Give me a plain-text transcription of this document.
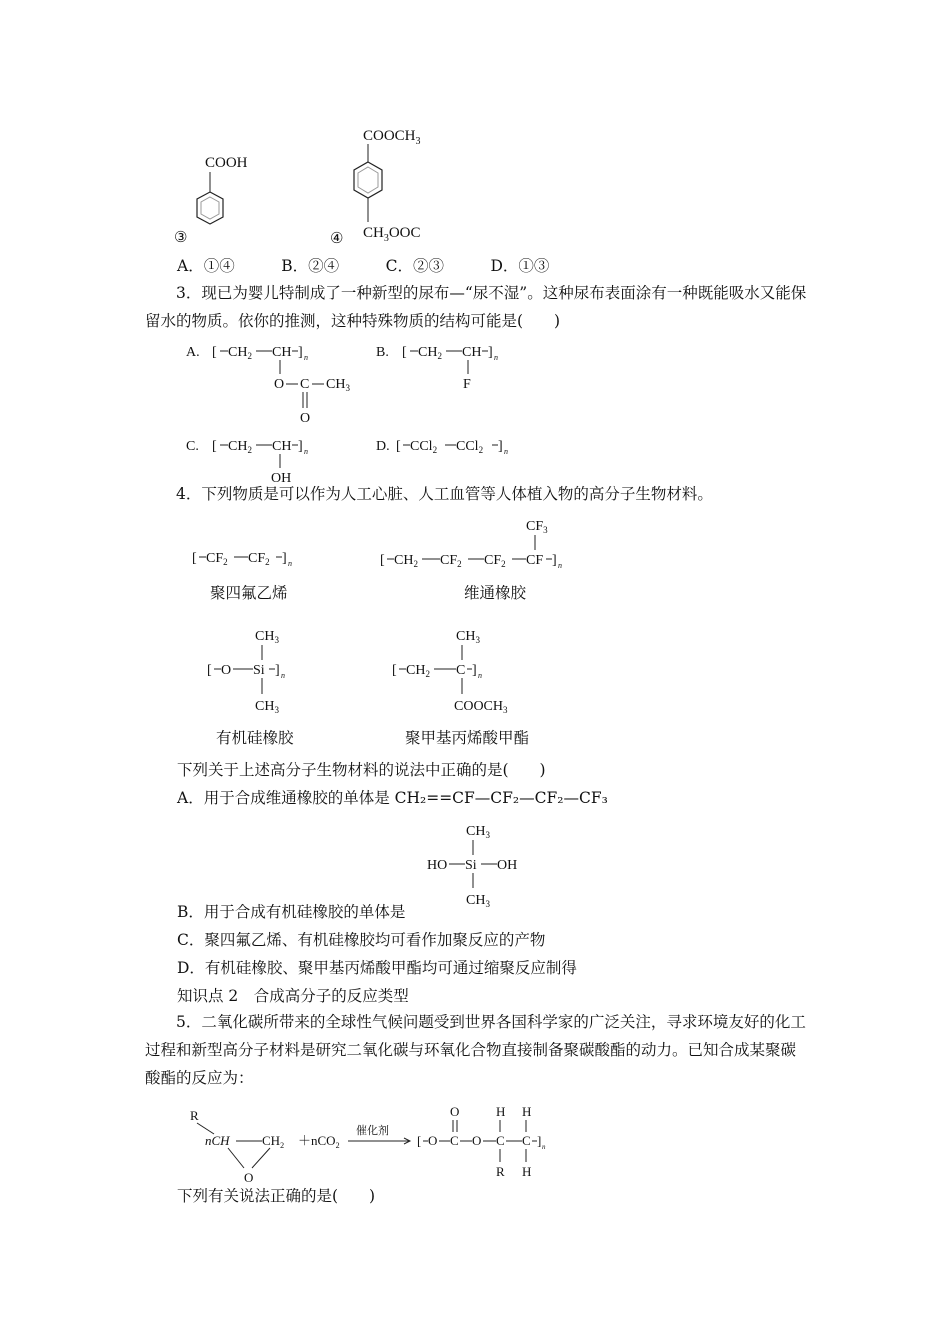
③
COOH
④
$COOCH_3$
$CH_3OOC$
A．①④　　　B．②④　　　C．②③　　　D．①③
3．现已为婴儿特制成了一种新型的尿布—“尿不湿”。这种尿布表面涂有一种既能吸水又能保留水的物质。依你的推测，这种特殊物质的结构可能是(　　)
A. [ $CH_2$ CH ] n
O C $CH_3$
O
B. [ $CH_2$ CH ] n
F
C. [ $CH_2$ CH ] n
OH
D. [ CCl$_2$ CCl$_2$ ] n
4．下列物质是可以作为人工心脏、人工血管等人体植入物的高分子生物材料。
[ $CF_2$ $CF_2$ ] n
聚四氟乙烯
$CF_3$
[ $CH_2$ $CF_2$ $CF_2$ CF ] n
维通橡胶
$CH_3$
[ O Si ] n
$CH_3$
有机硅橡胶
$CH_3$
[ $CH_2$ C ] n
$COOCH_3$
聚甲基丙烯酸甲酯
下列关于上述高分子生物材料的说法中正确的是(　　)
A．用于合成维通橡胶的单体是 CH₂==CF—CF₂—CF₂—CF₃
$CH_3$
HO Si OH
$CH_3$
B．用于合成有机硅橡胶的单体是
C．聚四氟乙烯、有机硅橡胶均可看作加聚反应的产物
D．有机硅橡胶、聚甲基丙烯酸甲酯均可通过缩聚反应制得
知识点 2　合成高分子的反应类型
5．二氧化碳所带来的全球性气候问题受到世界各国科学家的广泛关注，寻求环境友好的化工过程和新型高分子材料是研究二氧化碳与环氧化合物直接制备聚碳酸酯的动力。已知合成某聚碳酸酯的反应为：
R
nCH $CH_2$
O
＋nCO$_2$
催化剂
[ O C
O
O C C ] n
H H
R H
下列有关说法正确的是(　　)
